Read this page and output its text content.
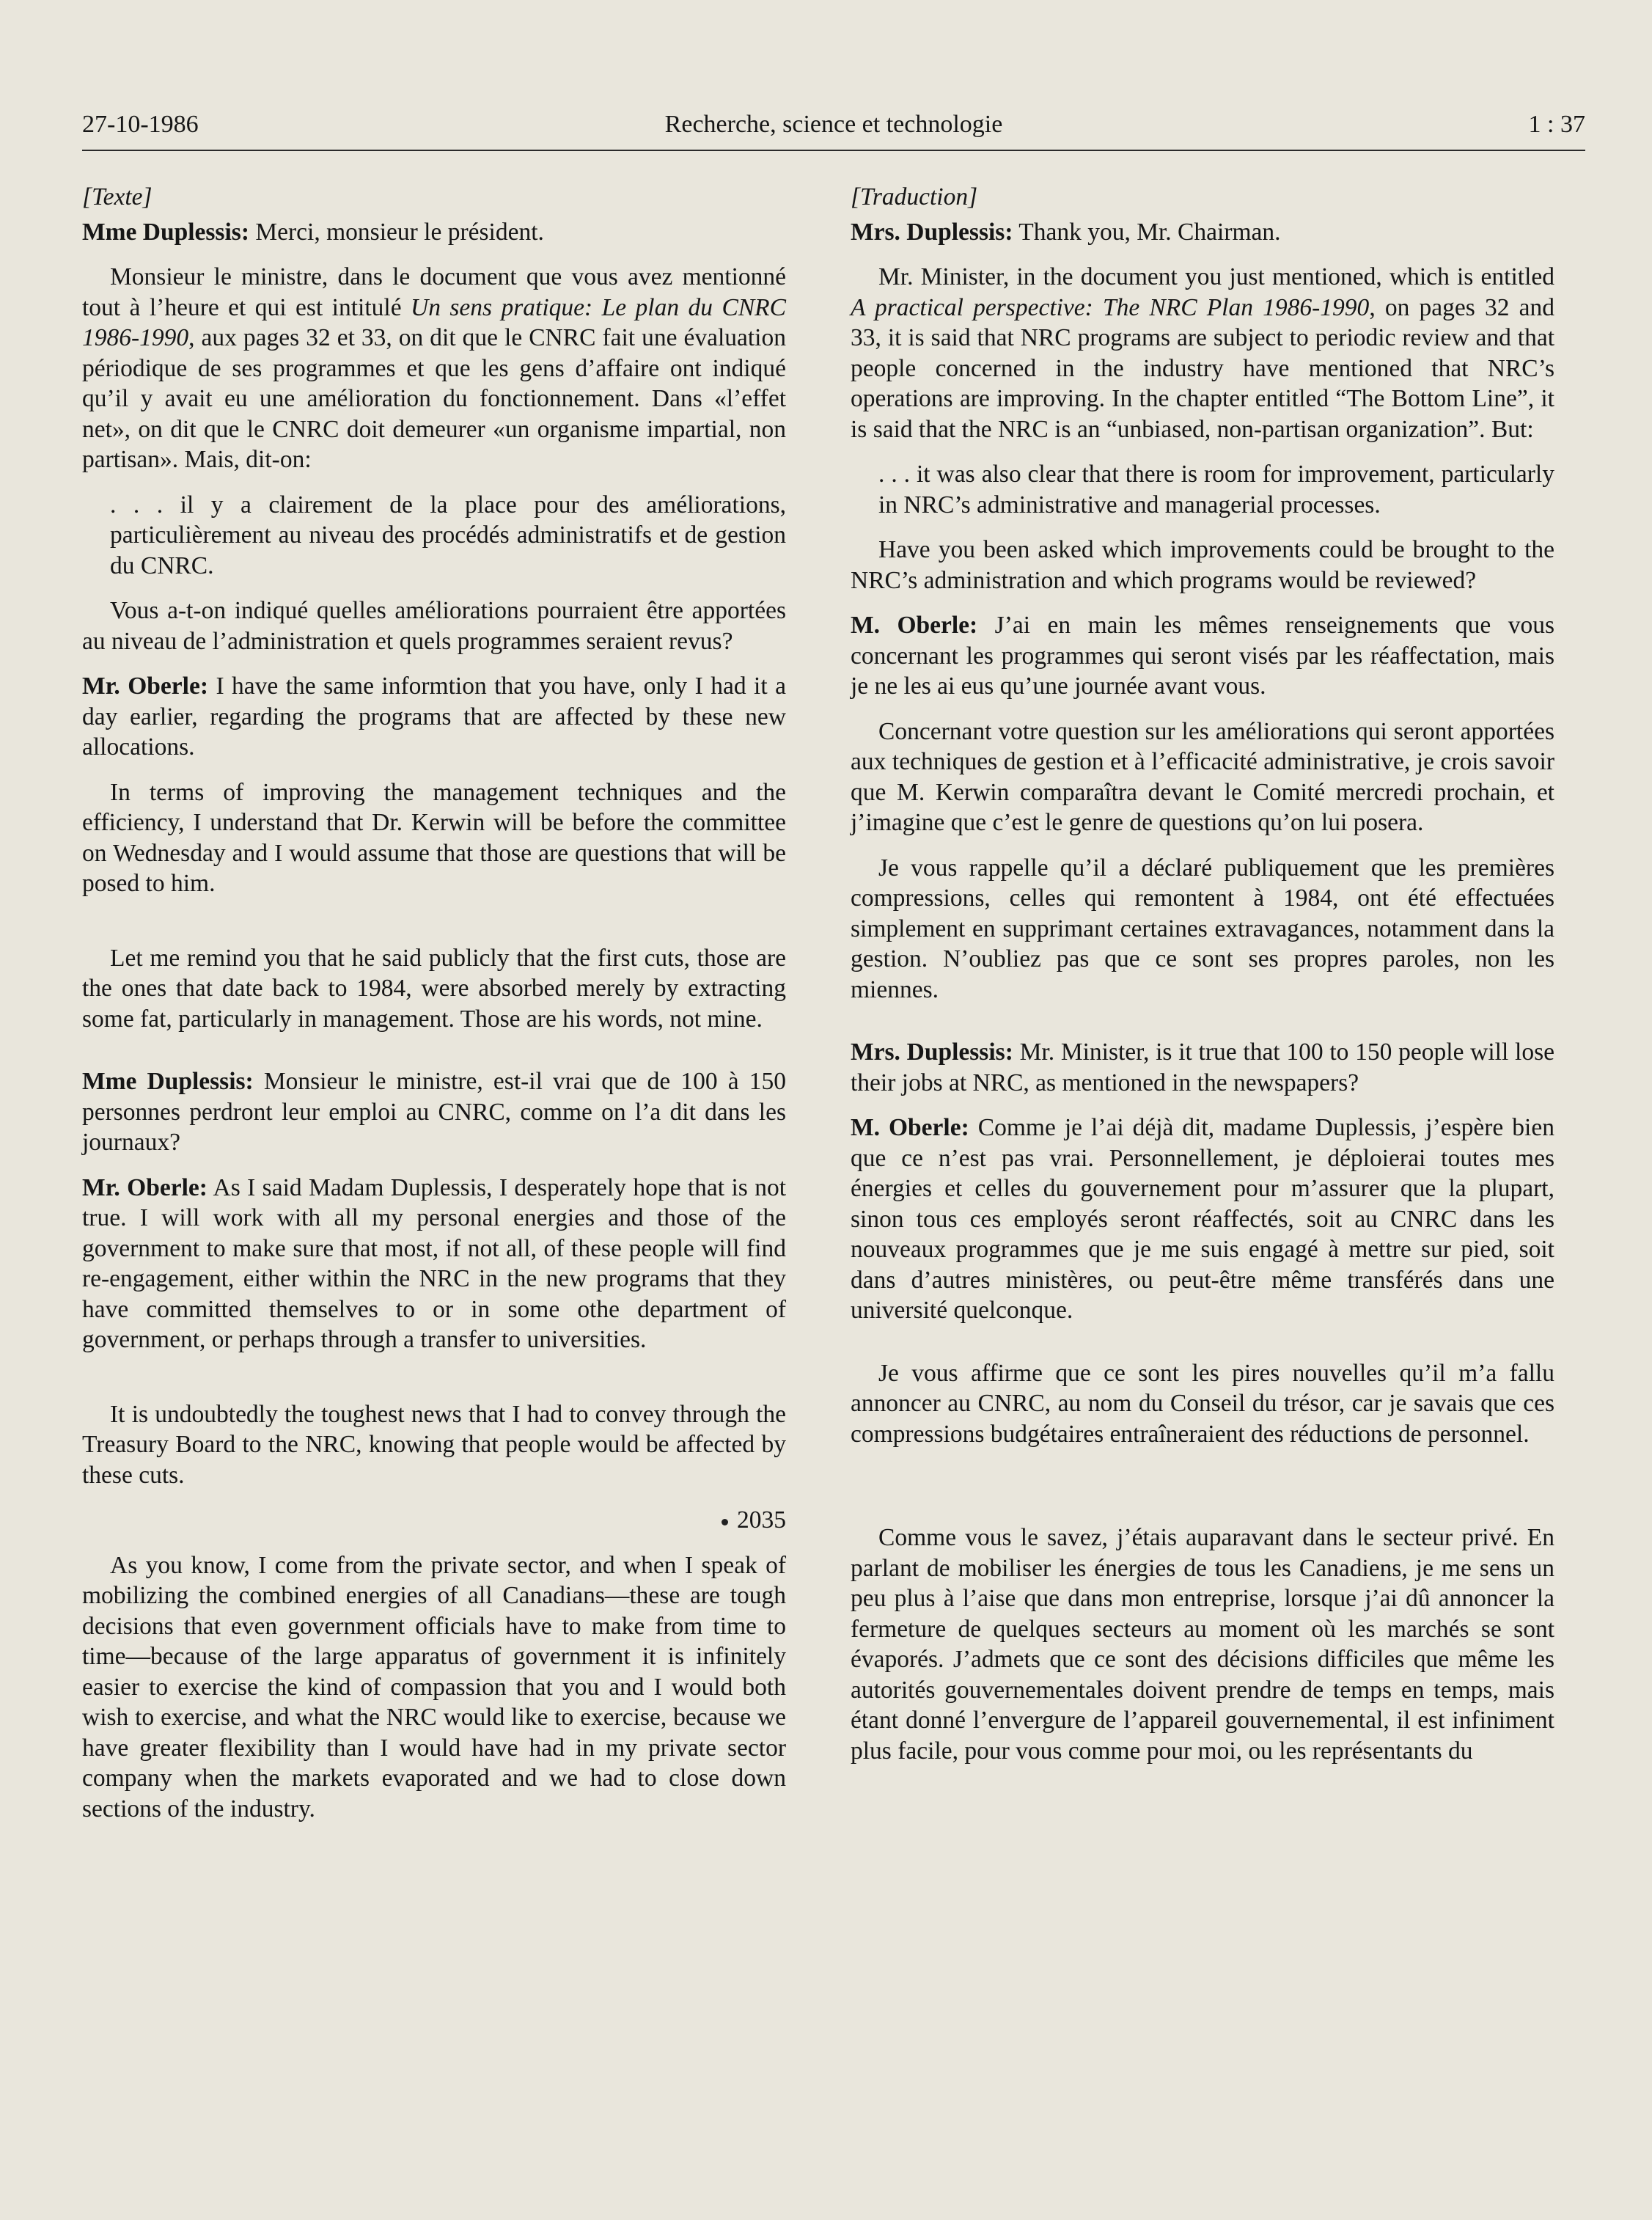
27-10-1986	Recherche, science et technologie	1 : 37

[Texte]

Mme Duplessis: Merci, monsieur le président.

Monsieur le ministre, dans le document que vous avez mentionné tout à l’heure et qui est intitulé Un sens pratique: Le plan du CNRC 1986-1990, aux pages 32 et 33, on dit que le CNRC fait une évaluation périodique de ses programmes et que les gens d’affaire ont indiqué qu’il y avait eu une amélioration du fonctionnement. Dans «l’effet net», on dit que le CNRC doit demeurer «un organisme impartial, non partisan». Mais, dit-on:

. . . il y a clairement de la place pour des améliorations, particulièrement au niveau des procédés administratifs et de gestion du CNRC.

Vous a-t-on indiqué quelles améliorations pourraient être apportées au niveau de l’administration et quels programmes seraient revus?

Mr. Oberle: I have the same informtion that you have, only I had it a day earlier, regarding the programs that are affected by these new allocations.

In terms of improving the management techniques and the efficiency, I understand that Dr. Kerwin will be before the committee on Wednesday and I would assume that those are questions that will be posed to him.

Let me remind you that he said publicly that the first cuts, those are the ones that date back to 1984, were absorbed merely by extracting some fat, particularly in management. Those are his words, not mine.

Mme Duplessis: Monsieur le ministre, est-il vrai que de 100 à 150 personnes perdront leur emploi au CNRC, comme on l’a dit dans les journaux?

Mr. Oberle: As I said Madam Duplessis, I desperately hope that is not true. I will work with all my personal energies and those of the government to make sure that most, if not all, of these people will find re-engagement, either within the NRC in the new programs that they have committed themselves to or in some othe department of government, or perhaps through a transfer to universities.

It is undoubtedly the toughest news that I had to convey through the Treasury Board to the NRC, knowing that people would be affected by these cuts.

2035

As you know, I come from the private sector, and when I speak of mobilizing the combined energies of all Canadians—these are tough decisions that even government officials have to make from time to time—because of the large apparatus of government it is infinitely easier to exercise the kind of compassion that you and I would both wish to exercise, and what the NRC would like to exercise, because we have greater flexibility than I would have had in my private sector company when the markets evaporated and we had to close down sections of the industry.

[Traduction]

Mrs. Duplessis: Thank you, Mr. Chairman.

Mr. Minister, in the document you just mentioned, which is entitled A practical perspective: The NRC Plan 1986-1990, on pages 32 and 33, it is said that NRC programs are subject to periodic review and that people concerned in the industry have mentioned that NRC’s operations are improving. In the chapter entitled “The Bottom Line”, it is said that the NRC is an “unbiased, non-partisan organization”. But:

. . . it was also clear that there is room for improvement, particularly in NRC’s administrative and managerial processes.

Have you been asked which improvements could be brought to the NRC’s administration and which programs would be reviewed?

M. Oberle: J’ai en main les mêmes renseignements que vous concernant les programmes qui seront visés par les réaffectation, mais je ne les ai eus qu’une journée avant vous.

Concernant votre question sur les améliorations qui seront apportées aux techniques de gestion et à l’efficacité administrative, je crois savoir que M. Kerwin comparaîtra devant le Comité mercredi prochain, et j’imagine que c’est le genre de questions qu’on lui posera.

Je vous rappelle qu’il a déclaré publiquement que les premières compressions, celles qui remontent à 1984, ont été effectuées simplement en supprimant certaines extravagances, notamment dans la gestion. N’oubliez pas que ce sont ses propres paroles, non les miennes.

Mrs. Duplessis: Mr. Minister, is it true that 100 to 150 people will lose their jobs at NRC, as mentioned in the newspapers?

M. Oberle: Comme je l’ai déjà dit, madame Duplessis, j’espère bien que ce n’est pas vrai. Personnellement, je déploierai toutes mes énergies et celles du gouvernement pour m’assurer que la plupart, sinon tous ces employés seront réaffectés, soit au CNRC dans les nouveaux programmes que je me suis engagé à mettre sur pied, soit dans d’autres ministères, ou peut-être même transférés dans une université quelconque.

Je vous affirme que ce sont les pires nouvelles qu’il m’a fallu annoncer au CNRC, au nom du Conseil du trésor, car je savais que ces compressions budgétaires entraîneraient des réductions de personnel.

Comme vous le savez, j’étais auparavant dans le secteur privé. En parlant de mobiliser les énergies de tous les Canadiens, je me sens un peu plus à l’aise que dans mon entreprise, lorsque j’ai dû annoncer la fermeture de quelques secteurs au moment où les marchés se sont évaporés. J’admets que ce sont des décisions difficiles que même les autorités gouvernementales doivent prendre de temps en temps, mais étant donné l’envergure de l’appareil gouvernemental, il est infiniment plus facile, pour vous comme pour moi, ou les représentants du
